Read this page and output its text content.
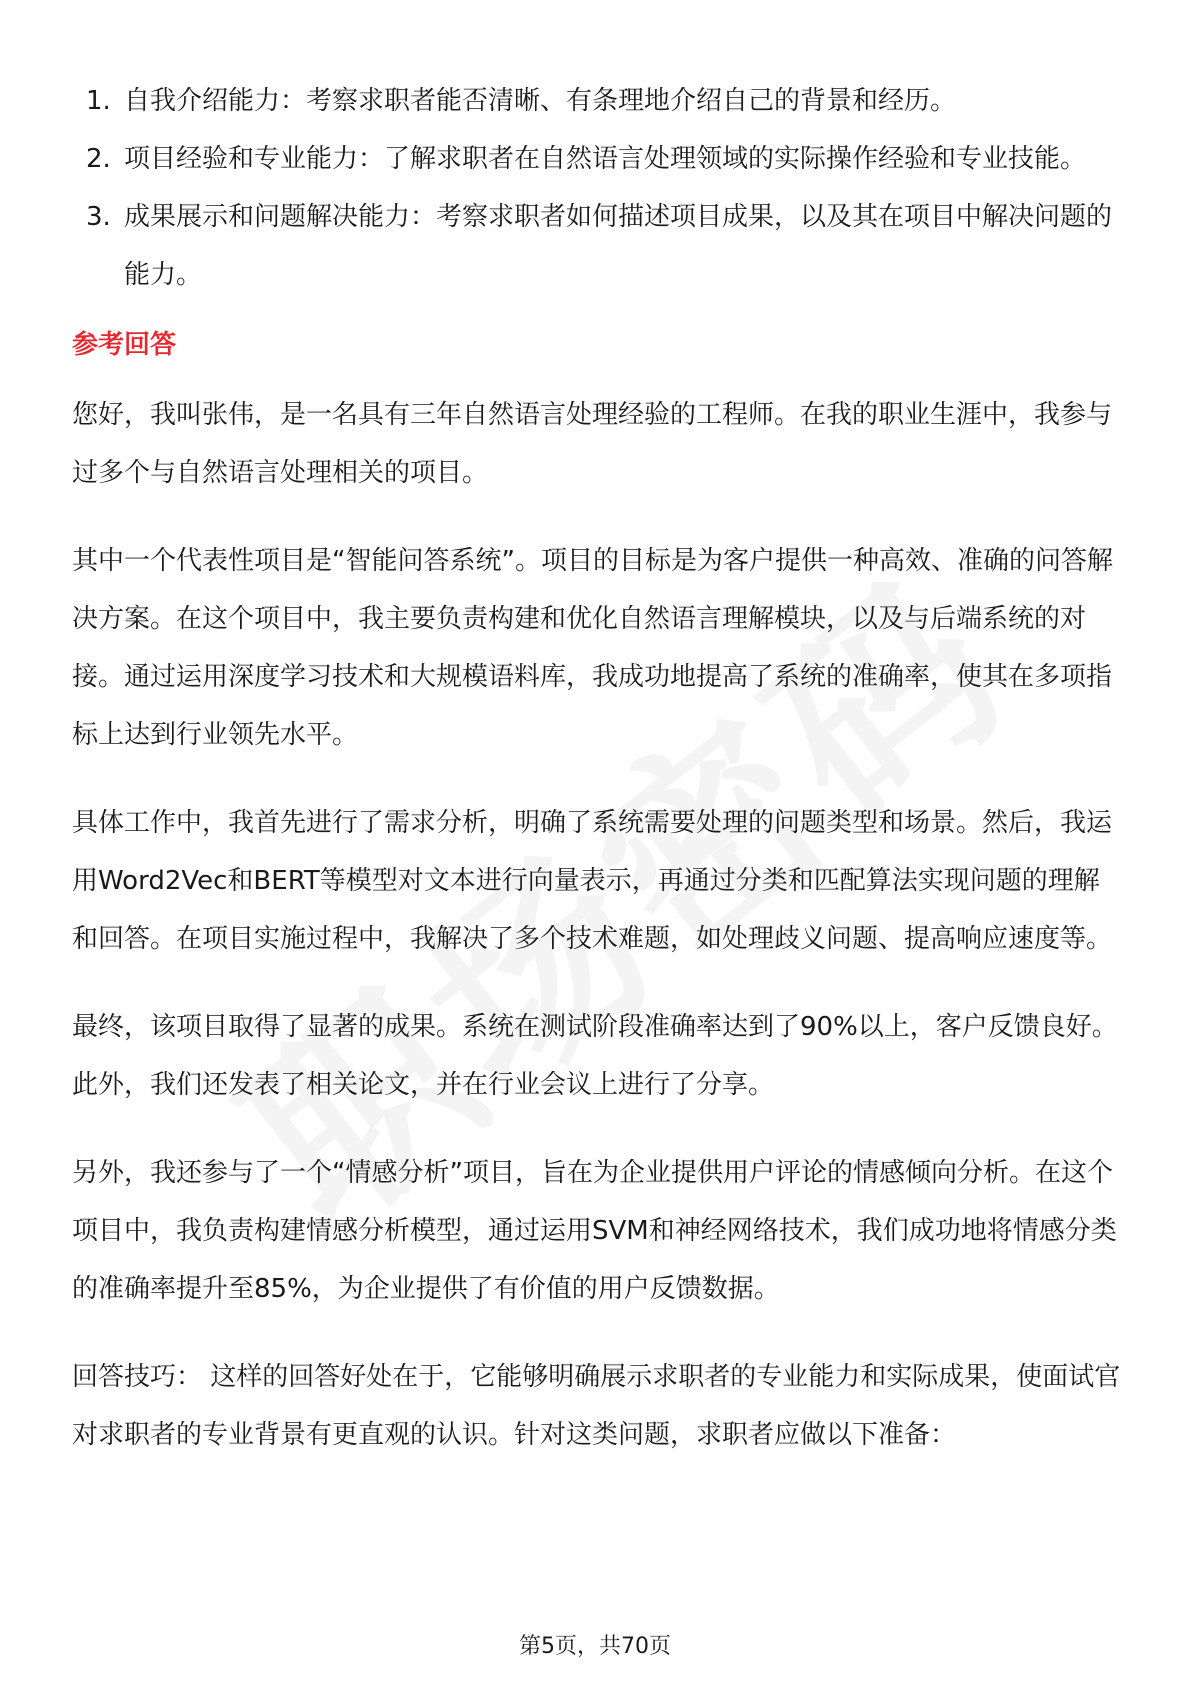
1. 自我介绍能力：考察求职者能否清晰、有条理地介绍自己的背景和经历。
2. 项目经验和专业能力：了解求职者在自然语言处理领域的实际操作经验和专业技能。
3. 成果展示和问题解决能力：考察求职者如何描述项目成果，以及其在项目中解决问题的能力。
参考回答

您好，我叫张伟，是一名具有三年自然语言处理经验的工程师。在我的职业生涯中，我参与过多个与自然语言处理相关的项目。

其中一个代表性项目是“智能问答系统”。项目的目标是为客户提供一种高效、准确的问答解决方案。在这个项目中，我主要负责构建和优化自然语言理解模块，以及与后端系统的对接。通过运用深度学习技术和大规模语料库，我成功地提高了系统的准确率，使其在多项指标上达到行业领先水平。

具体工作中，我首先进行了需求分析，明确了系统需要处理的问题类型和场景。然后，我运用Word2Vec和BERT等模型对文本进行向量表示，再通过分类和匹配算法实现问题的理解和回答。在项目实施过程中，我解决了多个技术难题，如处理歧义问题、提高响应速度等。

最终，该项目取得了显著的成果。系统在测试阶段准确率达到了90%以上，客户反馈良好。此外，我们还发表了相关论文，并在行业会议上进行了分享。

另外，我还参与了一个“情感分析”项目，旨在为企业提供用户评论的情感倾向分析。在这个项目中，我负责构建情感分析模型，通过运用SVM和神经网络技术，我们成功地将情感分类的准确率提升至85%，为企业提供了有价值的用户反馈数据。

回答技巧： 这样的回答好处在于，它能够明确展示求职者的专业能力和实际成果，使面试官对求职者的专业背景有更直观的认识。针对这类问题，求职者应做以下准备：

第5页，共70页
